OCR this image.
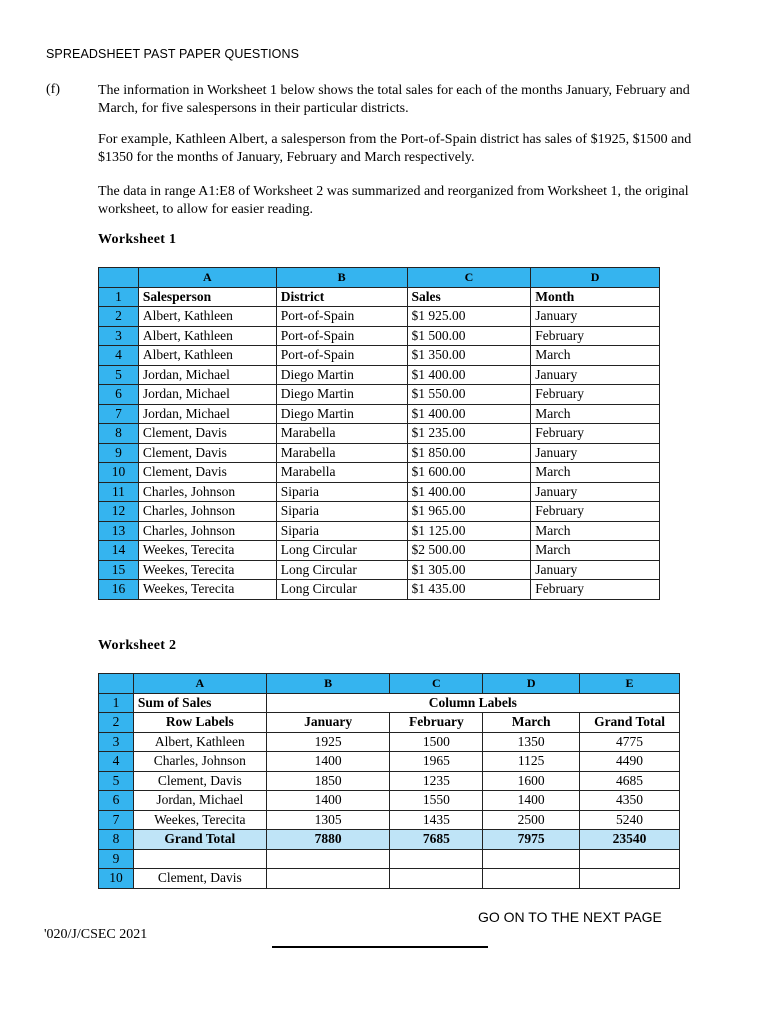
SPREADSHEET PAST PAPER QUESTIONS
(f)	The information in Worksheet 1 below shows the total sales for each of the months January, February and March, for five salespersons in their particular districts.

For example, Kathleen Albert, a salesperson from the Port-of-Spain district has sales of $1925, $1500 and $1350 for the months of January, February and March respectively.

The data in range A1:E8 of Worksheet 2 was summarized and reorganized from Worksheet 1, the original worksheet, to allow for easier reading.

Worksheet 1
	A	B	C	D
1	Salesperson	District	Sales	Month
2	Albert, Kathleen	Port-of-Spain	$1 925.00	January
3	Albert, Kathleen	Port-of-Spain	$1 500.00	February
4	Albert, Kathleen	Port-of-Spain	$1 350.00	March
5	Jordan, Michael	Diego Martin	$1 400.00	January
6	Jordan, Michael	Diego Martin	$1 550.00	February
7	Jordan, Michael	Diego Martin	$1 400.00	March
8	Clement, Davis	Marabella	$1 235.00	February
9	Clement, Davis	Marabella	$1 850.00	January
10	Clement, Davis	Marabella	$1 600.00	March
11	Charles, Johnson	Siparia	$1 400.00	January
12	Charles, Johnson	Siparia	$1 965.00	February
13	Charles, Johnson	Siparia	$1 125.00	March
14	Weekes, Terecita	Long Circular	$2 500.00	March
15	Weekes, Terecita	Long Circular	$1 305.00	January
16	Weekes, Terecita	Long Circular	$1 435.00	February
Worksheet 2
	A	B	C	D	E
1	Sum of Sales	Column Labels			
2	Row Labels	January	February	March	Grand Total
3	Albert, Kathleen	1925	1500	1350	4775
4	Charles, Johnson	1400	1965	1125	4490
5	Clement, Davis	1850	1235	1600	4685
6	Jordan, Michael	1400	1550	1400	4350
7	Weekes, Terecita	1305	1435	2500	5240
8	Grand Total	7880	7685	7975	23540
9					
10	Clement, Davis				
GO ON TO THE NEXT PAGE
'020/J/CSEC 2021
